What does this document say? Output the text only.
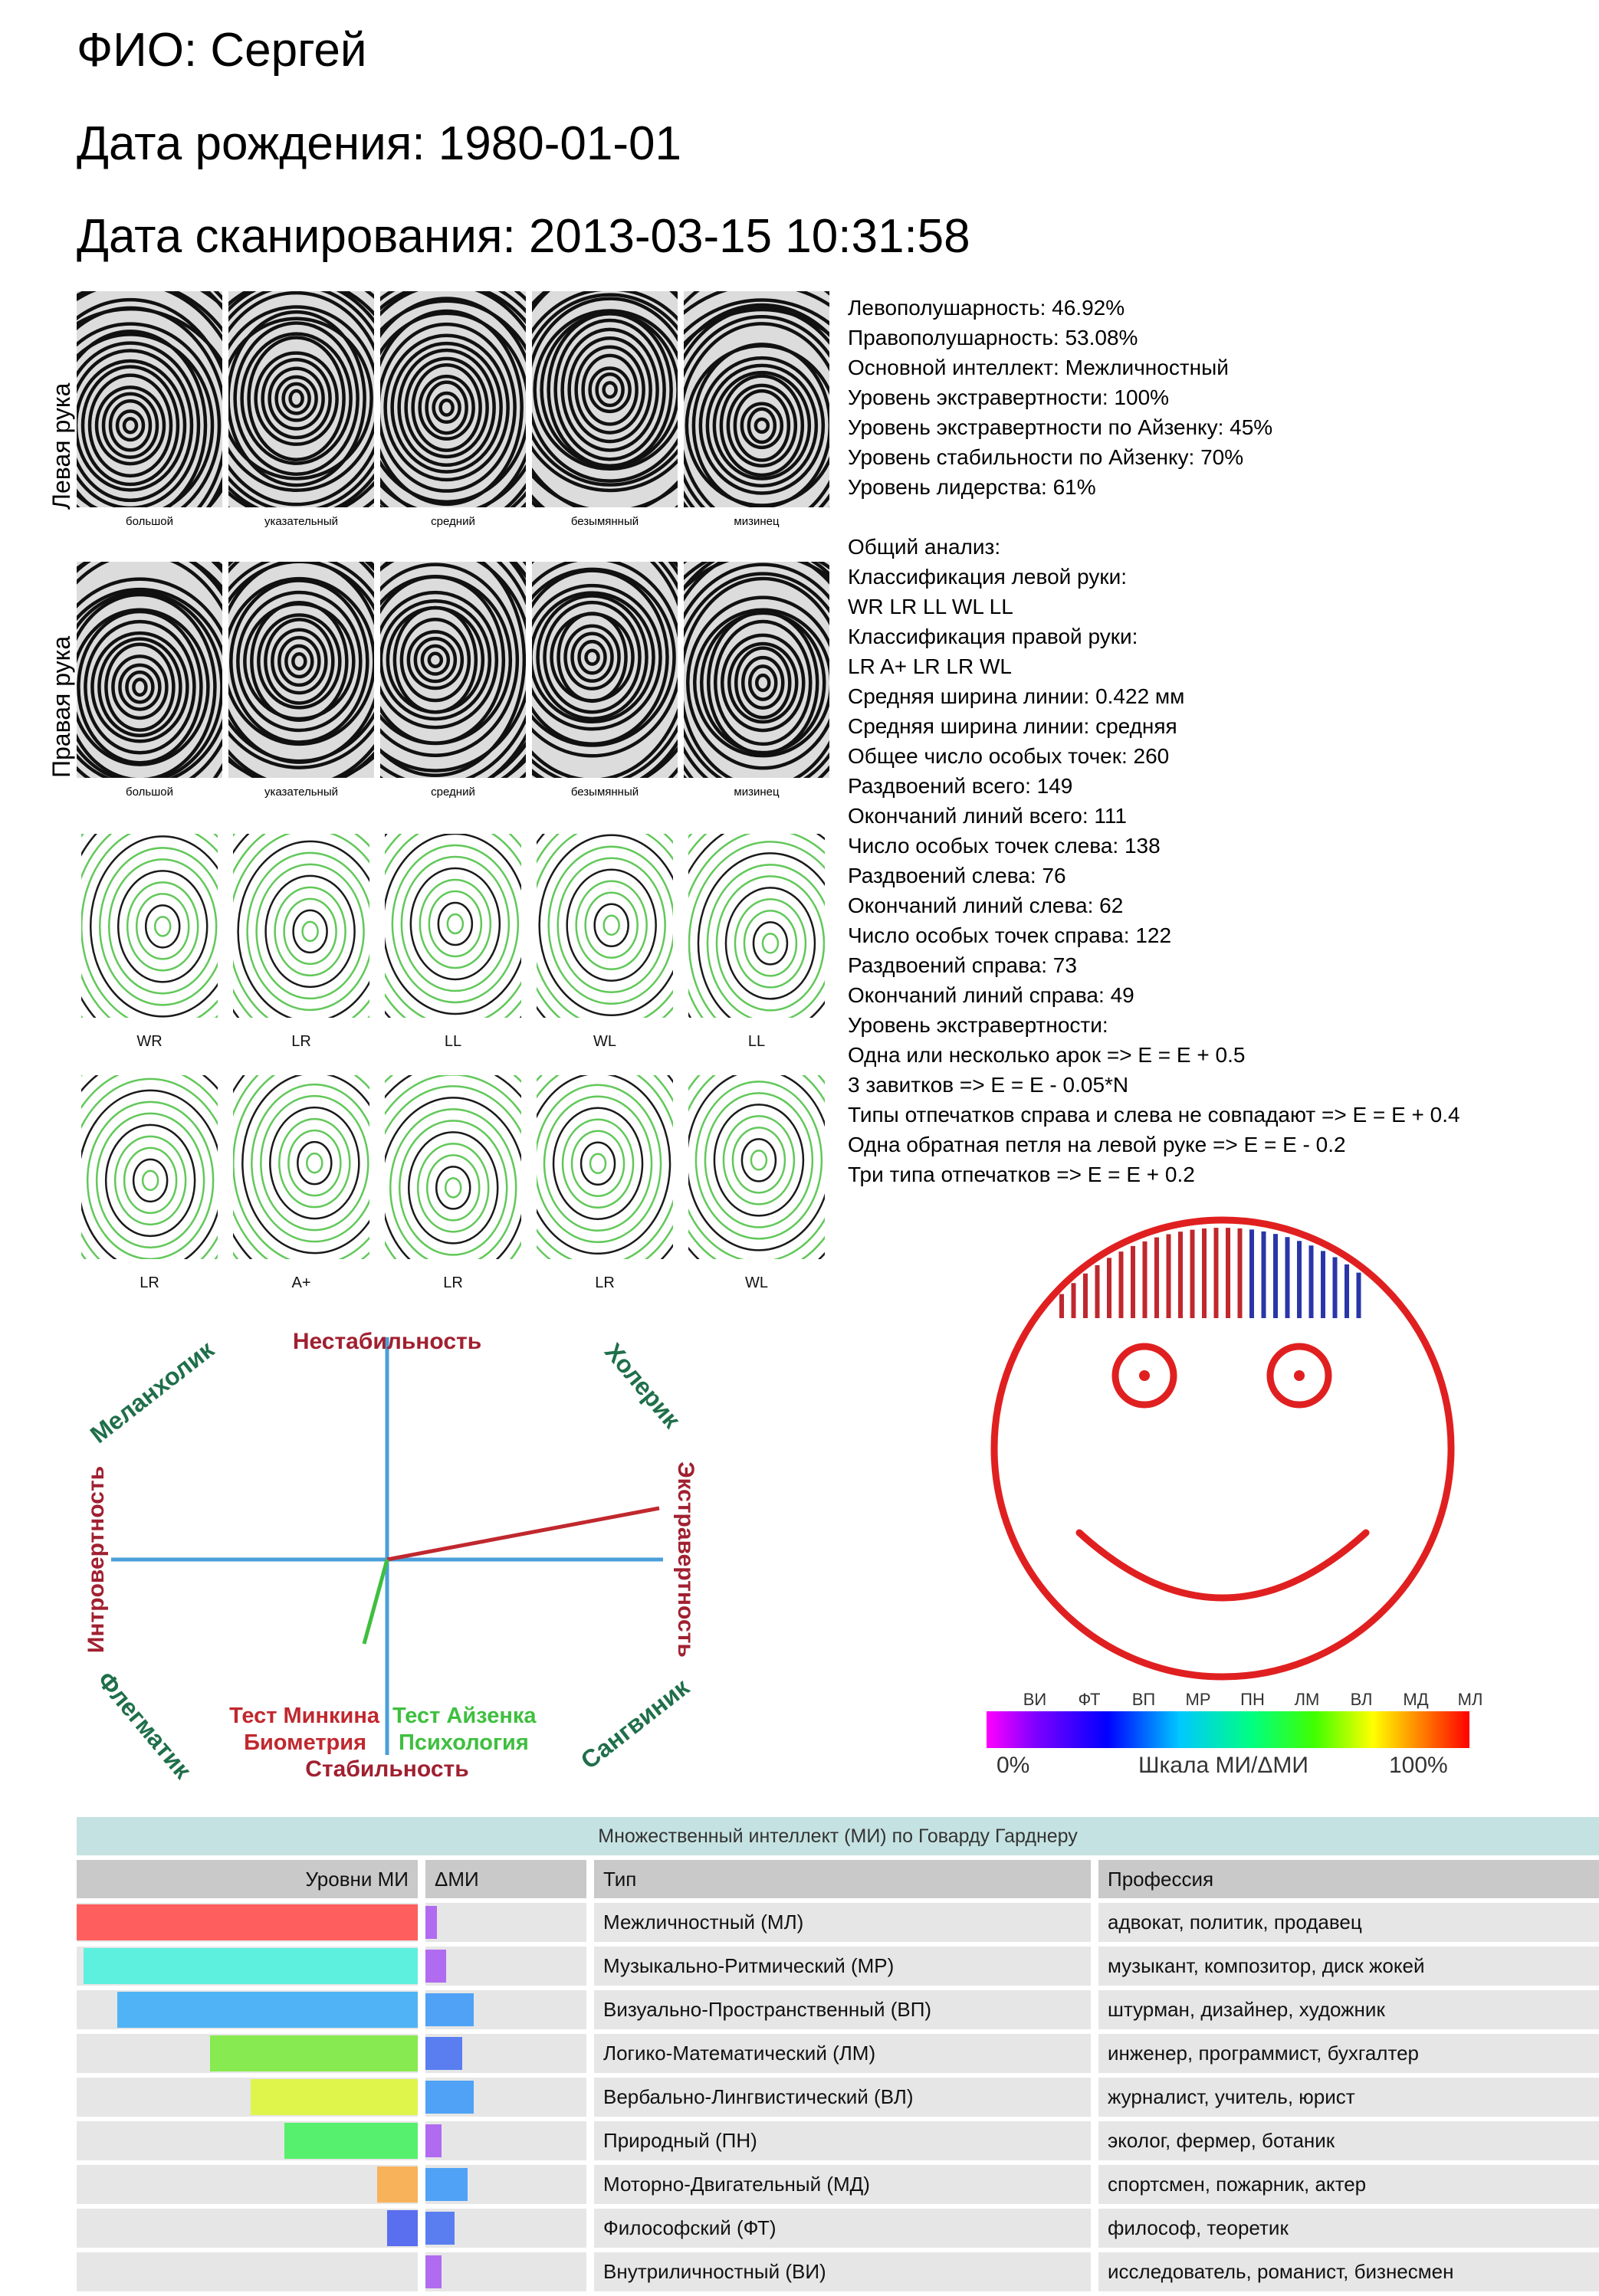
ФИО: Сергей
Дата рождения: 1980-01-01
Дата сканирования: 2013-03-15 10:31:58
Левая рука
Правая рука
большой	указательный	средний	безымянный	мизинец
большой	указательный	средний	безымянный	мизинец
WR	LR	LL	WL	LL
LR	A+	LR	LR	WL
Левополушарность: 46.92%
Правополушарность: 53.08%
Основной интеллект: Межличностный
Уровень экстравертности: 100%
Уровень экстравертности по Айзенку: 45%
Уровень стабильности по Айзенку: 70%
Уровень лидерства: 61%
Общий анализ:
Классификация левой руки:
WR LR LL WL LL
Классификация правой руки:
LR A+ LR LR WL
Средняя ширина линии: 0.422 мм
Средняя ширина линии: средняя
Общее число особых точек: 260
Раздвоений всего: 149
Окончаний линий всего: 111
Число особых точек слева: 138
Раздвоений слева: 76
Окончаний линий слева: 62
Число особых точек справа: 122
Раздвоений справа: 73
Окончаний линий справа: 49
Уровень экстравертности:
Одна или несколько арок => E = E + 0.5
3 завитков => E = E - 0.05*N
Типы отпечатков справа и слева не совпадают => E = E + 0.4
Одна обратная петля на левой руке => E = E - 0.2
Три типа отпечатков => E = E + 0.2
Нестабильность
Стабильность
Интровертность	Экстравертность
Меланхолик	Холерик
Флегматик	Сангвиник
Тест Минкина
Биометрия
Тест Айзенка
Психология
ВИ ФТ ВП МР ПН ЛМ ВЛ МД МЛ
0%	Шкала МИ/ΔМИ	100%
Множественный интеллект (МИ) по Говарду Гарднеру						
Уровни МИ		ΔМИ		Тип		Профессия

		Межличностный (МЛ)		адвокат, политик, продавец

		Музыкально-Ритмический (МР)		музыкант, композитор, диск жокей

		Визуально-Пространственный (ВП)		штурман, дизайнер, художник

		Логико-Математический (ЛМ)		инженер, программист, бухгалтер

		Вербально-Лингвистический (ВЛ)		журналист, учитель, юрист

		Природный (ПН)		эколог, фермер, ботаник

		Моторно-Двигательный (МД)		спортсмен, пожарник, актер

		Философский (ФТ)		философ, теоретик

		Внутриличностный (ВИ)		исследователь, романист, бизнесмен
